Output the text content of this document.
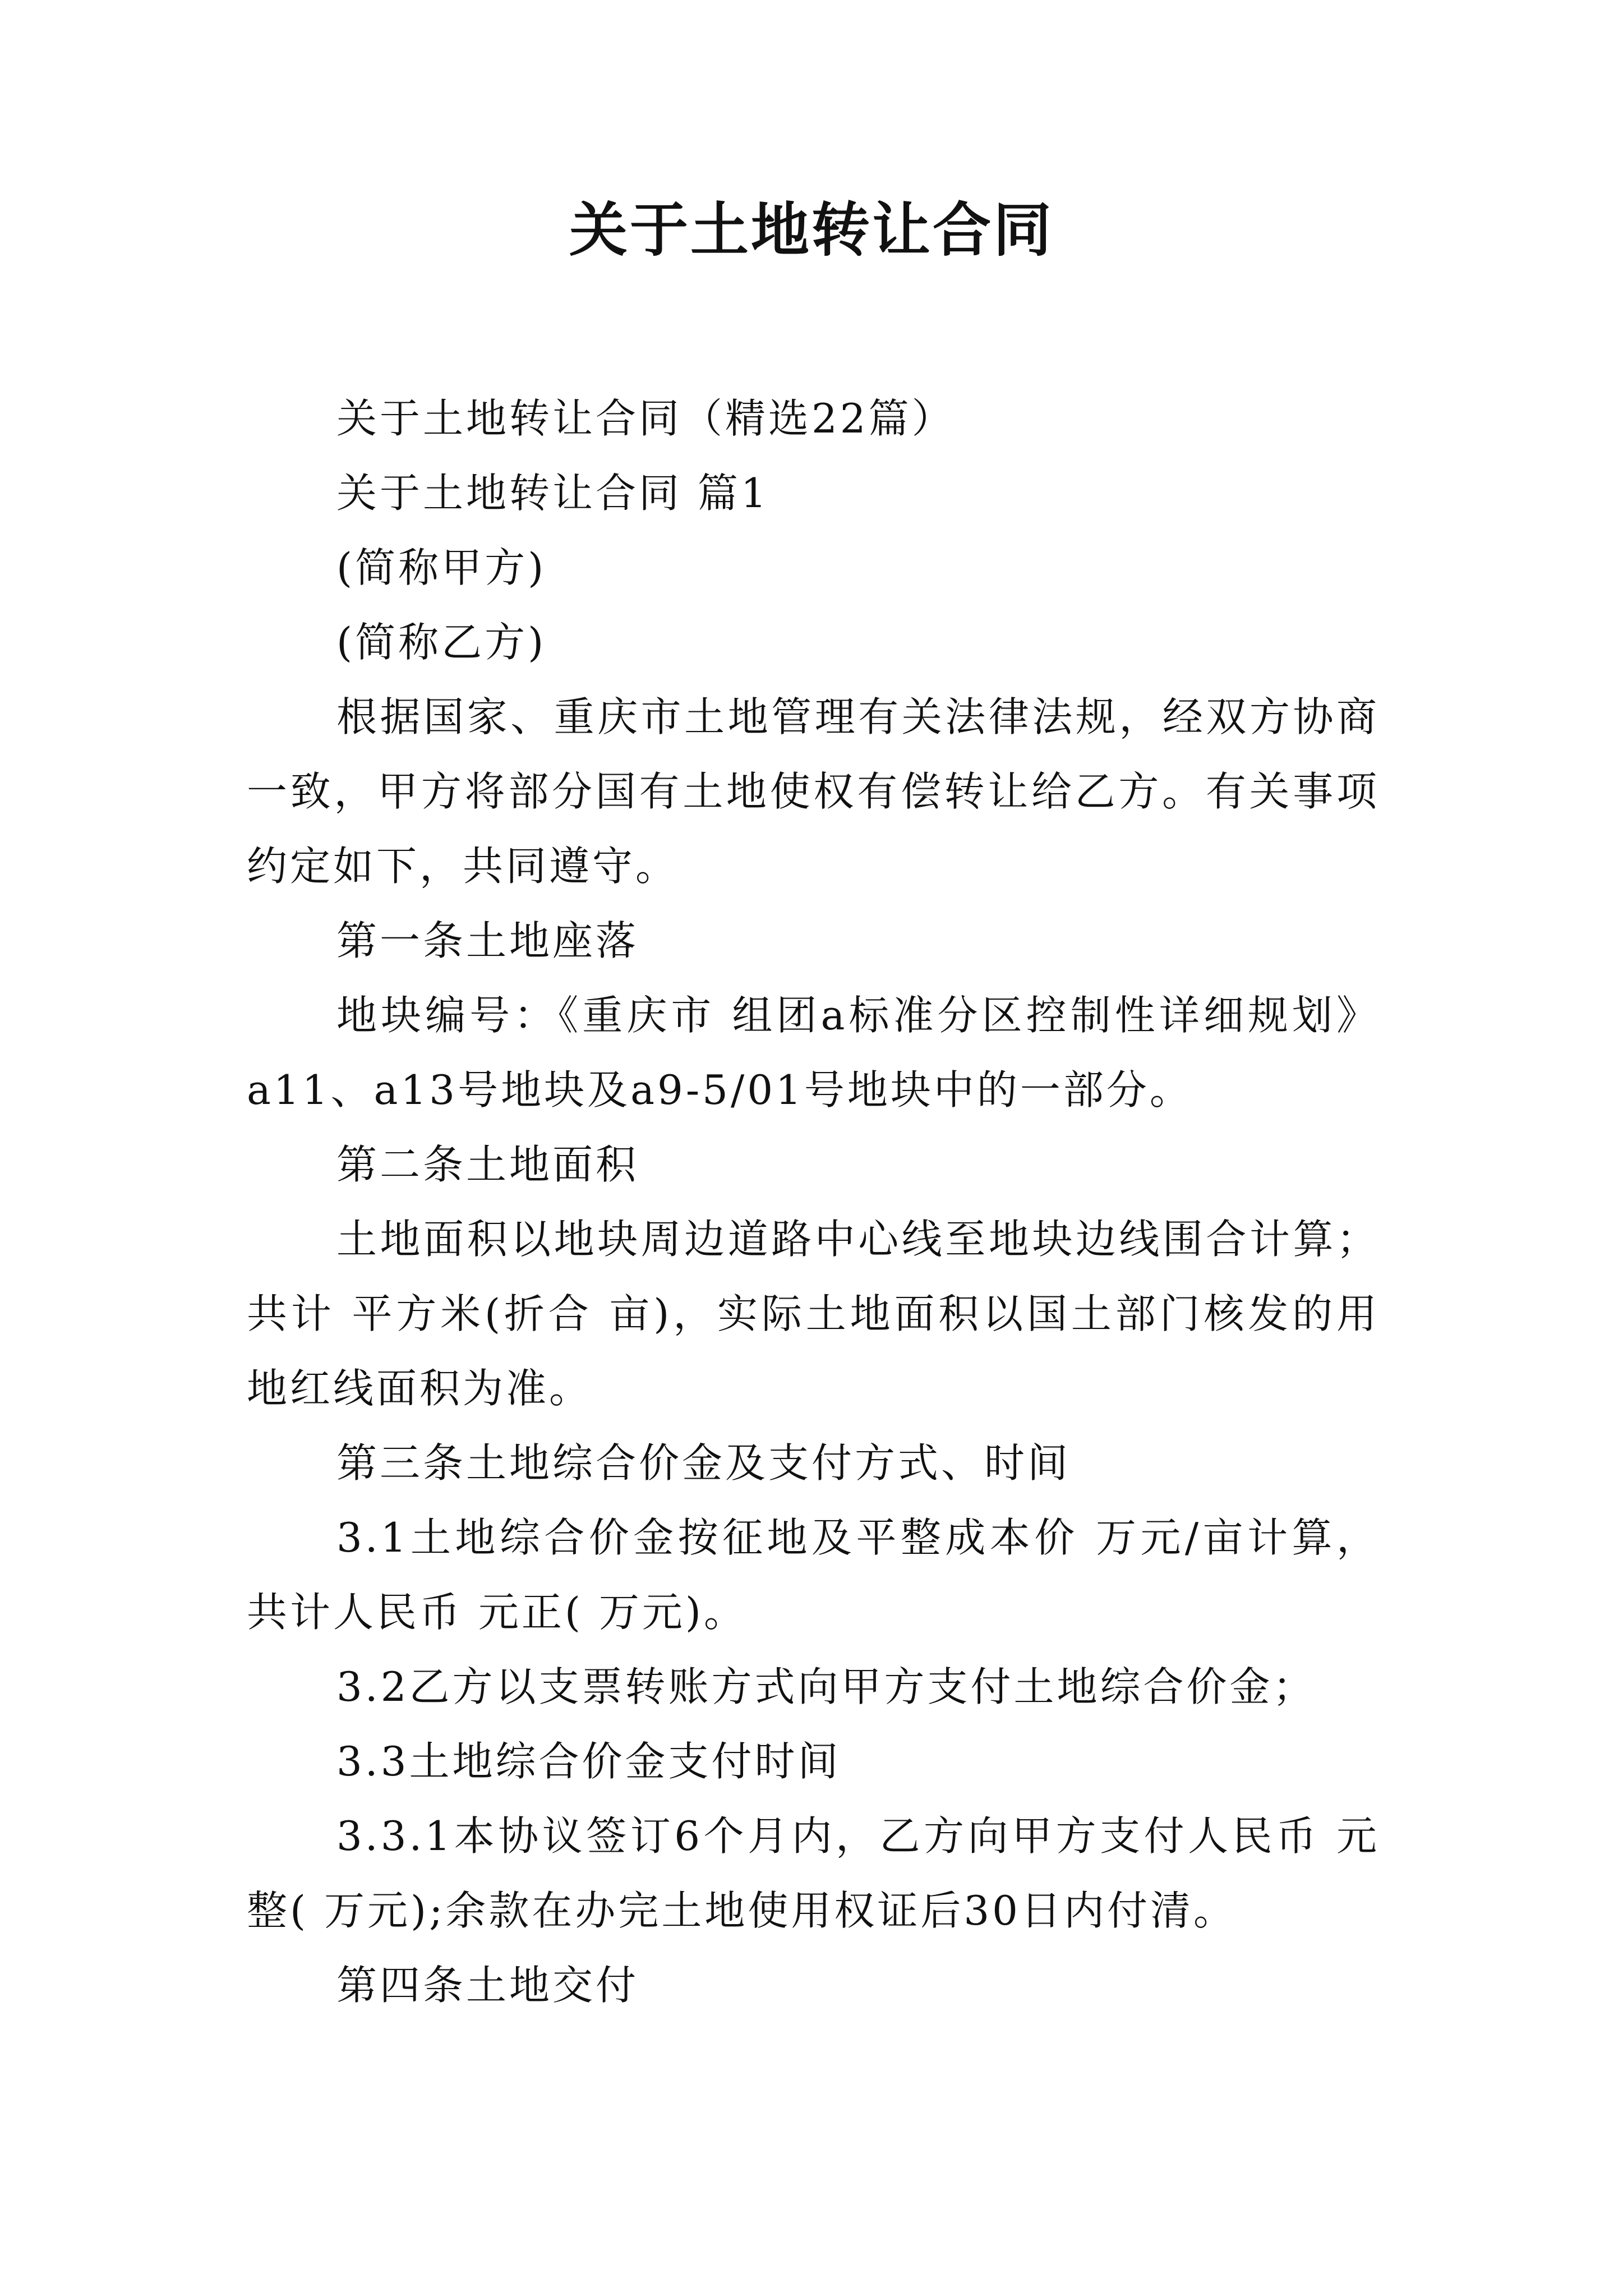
关于土地转让合同

关于土地转让合同（精选22篇）

关于土地转让合同 篇1

(简称甲方)

(简称乙方)

根据国家、重庆市土地管理有关法律法规，经双方协商一致，甲方将部分国有土地使权有偿转让给乙方。有关事项约定如下，共同遵守。

第一条土地座落

地块编号：《重庆市 组团a标准分区控制性详细规划》a11、a13号地块及a9-5/01号地块中的一部分。

第二条土地面积

土地面积以地块周边道路中心线至地块边线围合计算；共计 平方米(折合 亩)，实际土地面积以国土部门核发的用地红线面积为准。

第三条土地综合价金及支付方式、时间

3.1土地综合价金按征地及平整成本价 万元/亩计算，共计人民币 元正( 万元)。

3.2乙方以支票转账方式向甲方支付土地综合价金；

3.3土地综合价金支付时间

3.3.1本协议签订6个月内，乙方向甲方支付人民币 元整( 万元);余款在办完土地使用权证后30日内付清。

第四条土地交付
